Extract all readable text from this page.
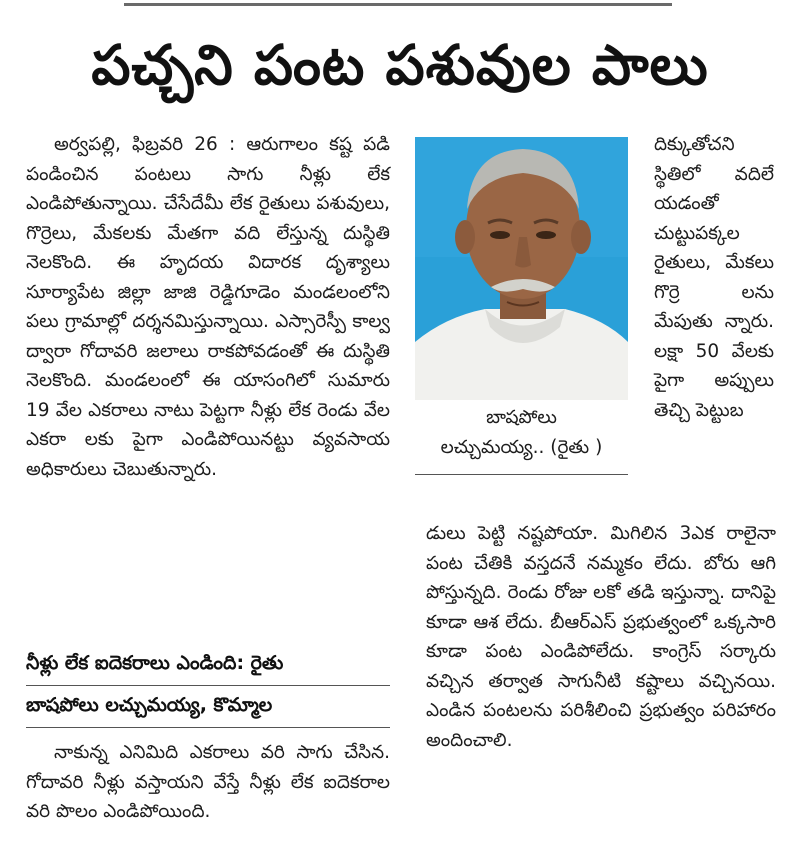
పచ్చని పంట పశువుల పాలు

అర్వపల్లి, ఫిబ్రవరి 26 : ఆరుగాలం కష్ట పడి పండించిన పంటలు సాగు నీళ్లు లేక ఎండిపోతున్నాయి. చేసేదేమీ లేక రైతులు పశువులు, గొర్రెలు, మేకలకు మేతగా వది లేస్తున్న దుస్థితి నెలకొంది. ఈ హృదయ విదారక దృశ్యాలు సూర్యాపేట జిల్లా జాజి రెడ్డిగూడెం మండలంలోని పలు గ్రామాల్లో దర్శనమిస్తున్నాయి. ఎస్సారెస్పీ కాల్వ ద్వారా గోదావరి జలాలు రాకపోవడంతో ఈ దుస్థితి నెలకొంది. మండలంలో ఈ యాసంగిలో సుమారు 19 వేల ఎకరాలు నాటు పెట్టగా నీళ్లు లేక రెండు వేల ఎకరా లకు పైగా ఎండిపోయినట్టు వ్యవసాయ అధికారులు చెబుతున్నారు.

నీళ్లు లేక ఐదెకరాలు ఎండింది: రైతు
బాషపోలు లచ్చుమయ్య, కొమ్మాల

నాకున్న ఎనిమిది ఎకరాలు వరి సాగు చేసిన. గోదావరి నీళ్లు వస్తాయని వేస్తే నీళ్లు లేక ఐదెకరాల వరి పొలం ఎండిపోయింది.

బాషపోలు
లచ్చుమయ్య.. (రైతు )

దిక్కుతోచని స్థితిలో వదిలే యడంతో చుట్టుపక్కల రైతులు, మేకలు గొర్రె లను మేపుతు న్నారు. లక్షా 50 వేలకు పైగా అప్పులు తెచ్చి పెట్టుబ

డులు పెట్టి నష్టపోయా. మిగిలిన 3ఎక రాలైనా పంట చేతికి వస్తదనే నమ్మకం లేదు. బోరు ఆగి పోస్తున్నది. రెండు రోజు లకో తడి ఇస్తున్నా. దానిపై కూడా ఆశ లేదు. బీఆర్ఎస్ ప్రభుత్వంలో ఒక్కసారి కూడా పంట ఎండిపోలేదు. కాంగ్రెస్ సర్కారు వచ్చిన తర్వాత సాగునీటి కష్టాలు వచ్చినయి. ఎండిన పంటలను పరిశీలించి ప్రభుత్వం పరిహారం అందించాలి.
